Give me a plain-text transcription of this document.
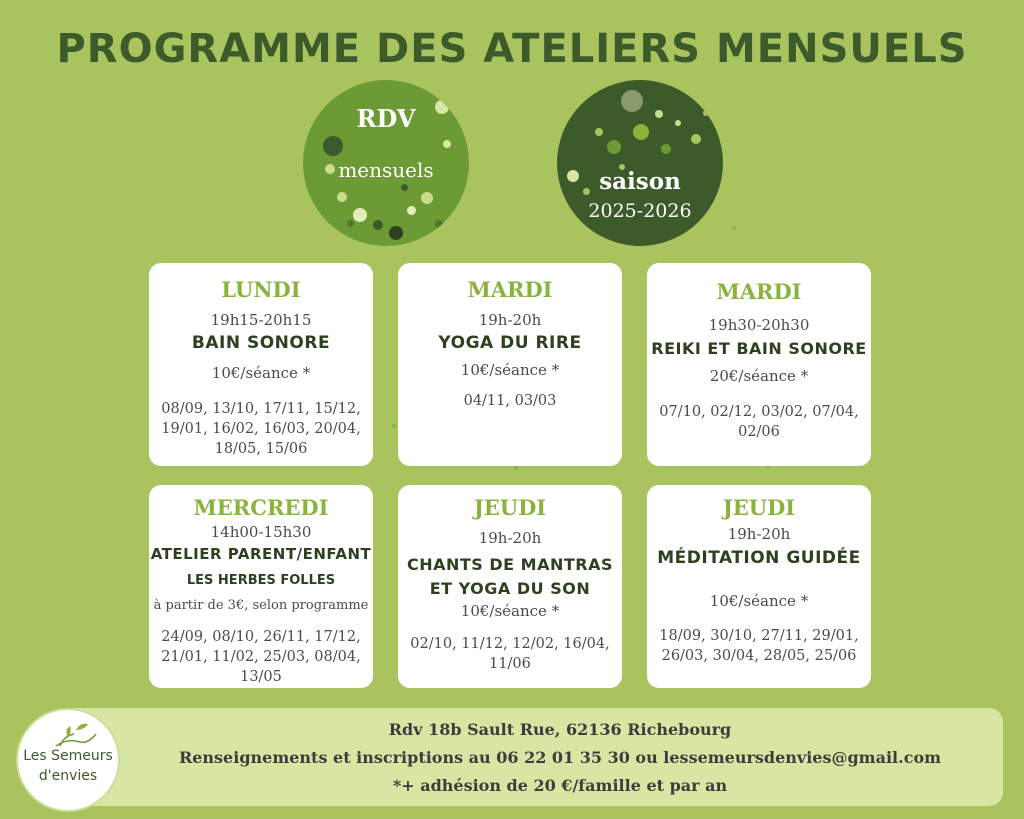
PROGRAMME DES ATELIERS MENSUELS
RDV
mensuels	saison
2025-2026
LUNDI
19h15-20h15
BAIN SONORE
10€/séance *
08/09, 13/10, 17/11, 15/12,
19/01, 16/02, 16/03, 20/04,
18/05, 15/06
MARDI
19h-20h
YOGA DU RIRE
10€/séance *
04/11, 03/03
MARDI
19h30-20h30
REIKI ET BAIN SONORE
20€/séance *
07/10, 02/12, 03/02, 07/04,
02/06
MERCREDI
14h00-15h30
ATELIER PARENT/ENFANT
LES HERBES FOLLES
à partir de 3€, selon programme
24/09, 08/10, 26/11, 17/12,
21/01, 11/02, 25/03, 08/04,
13/05
JEUDI
19h-20h
CHANTS DE MANTRAS
ET YOGA DU SON
10€/séance *
02/10, 11/12, 12/02, 16/04,
11/06
JEUDI
19h-20h
MÉDITATION GUIDÉE
10€/séance *
18/09, 30/10, 27/11, 29/01,
26/03, 30/04, 28/05, 25/06
Rdv 18b Sault Rue, 62136 Richebourg
Renseignements et inscriptions au 06 22 01 35 30 ou lessemeursdenvies@gmail.com
*+ adhésion de 20 €/famille et par an
Les Semeurs
d'envies
